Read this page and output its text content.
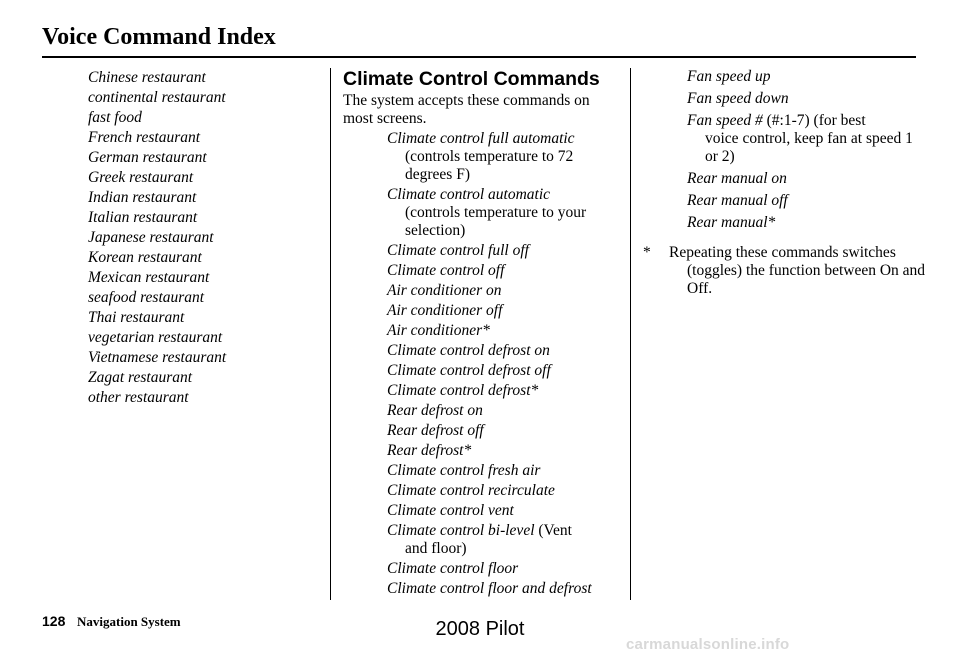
Voice Command Index
Chinese restaurant
continental restaurant
fast food
French restaurant
German restaurant
Greek restaurant
Indian restaurant
Italian restaurant
Japanese restaurant
Korean restaurant
Mexican restaurant
seafood restaurant
Thai restaurant
vegetarian restaurant
Vietnamese restaurant
Zagat restaurant
other restaurant
Climate Control Commands
The system accepts these commands on most screens.
Climate control full automatic
(controls temperature to 72 degrees F)
Climate control automatic
(controls temperature to your selection)
Climate control full off
Climate control off
Air conditioner on
Air conditioner off
Air conditioner*
Climate control defrost on
Climate control defrost off
Climate control defrost*
Rear defrost on
Rear defrost off
Rear defrost*
Climate control fresh air
Climate control recirculate
Climate control vent
Climate control bi-level (Vent
and floor)
Climate control floor
Climate control floor and defrost
Fan speed up
Fan speed down
Fan speed # (#:1-7) (for best
voice control, keep fan at speed 1 or 2)
Rear manual on
Rear manual off
Rear manual*
*	Repeating these commands switches
(toggles) the function between On and Off.
128 Navigation System	2008 Pilot
carmanualsonline.info
